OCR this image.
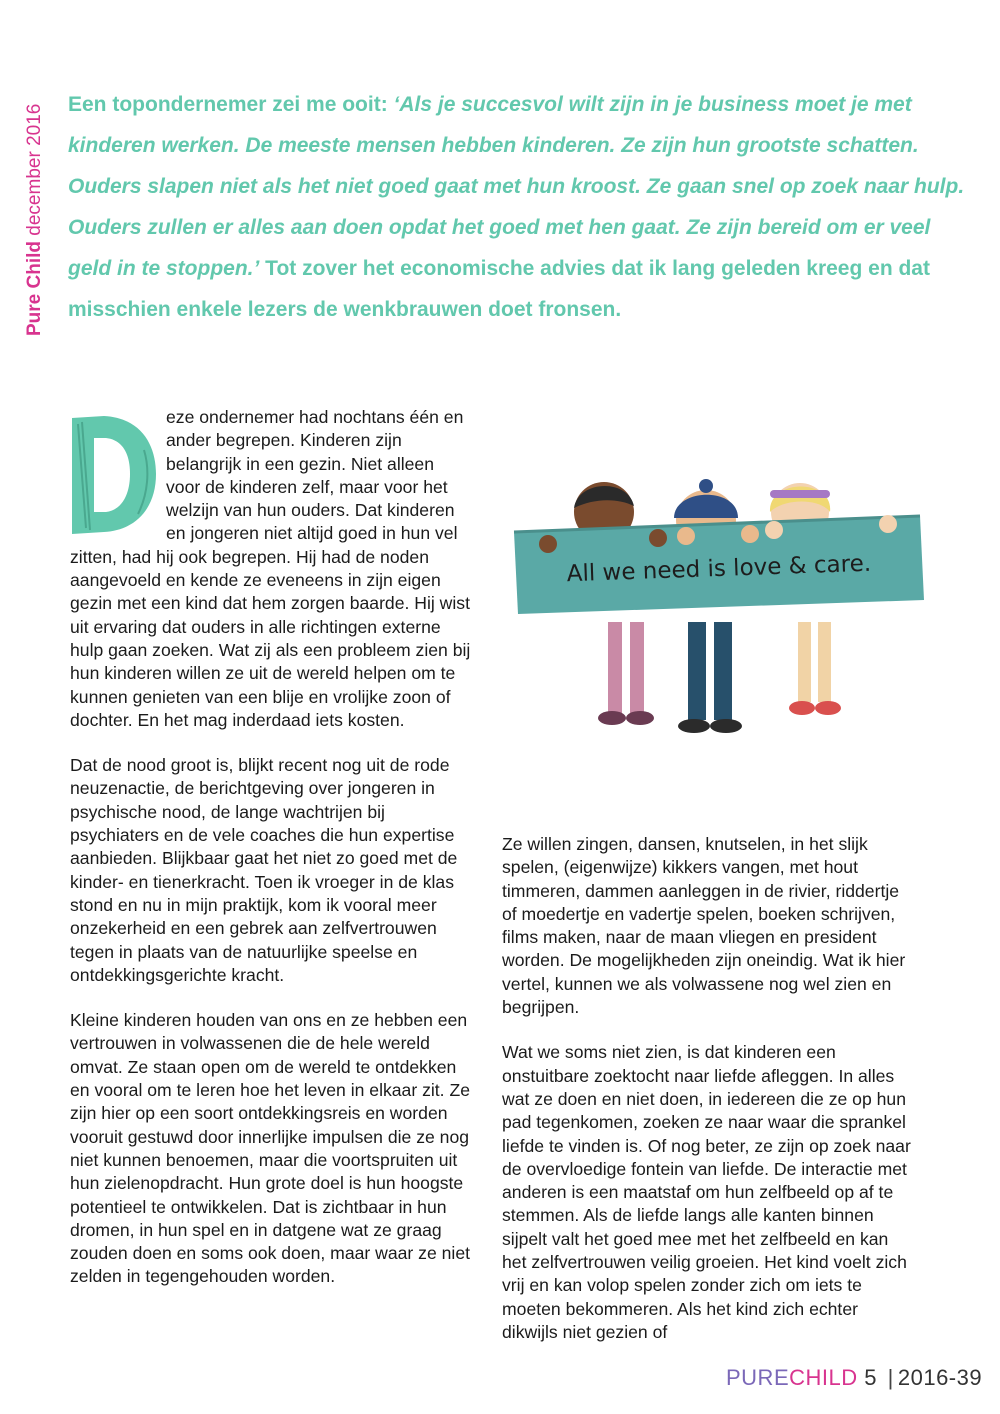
Pure Child december 2016 Een topondernemer zei me ooit: ‘Als je succesvol wilt zijn in je business moet je met kinderen werken. De meeste mensen hebben kinderen. Ze zijn hun grootste schatten. Ouders slapen niet als het niet goed gaat met hun kroost. Ze gaan snel op zoek naar hulp. Ouders zullen er alles aan doen opdat het goed met hen gaat. Ze zijn bereid om er veel geld in te stoppen.’ Tot zover het economische advies dat ik lang geleden kreeg en dat misschien enkele lezers de wenkbrauwen doet fronsen.

D
eze ondernemer had nochtans één en ander begrepen. Kinderen zijn belangrijk in een gezin. Niet alleen voor de kinderen zelf, maar voor het welzijn van hun ouders. Dat kinderen en jongeren niet altijd goed in hun vel zitten, had hij ook begrepen. Hij had de noden aangevoeld en kende ze eveneens in zijn eigen gezin met een kind dat hem zorgen baarde. Hij wist uit ervaring dat ouders in alle richtingen externe hulp gaan zoeken. Wat zij als een probleem zien bij hun kinderen willen ze uit de wereld helpen om te kunnen genieten van een blije en vrolijke zoon of dochter. En het mag inderdaad iets kosten.

Dat de nood groot is, blijkt recent nog uit de rode neuzenactie, de berichtgeving over jongeren in psychische nood, de lange wachtrijen bij psychiaters en de vele coaches die hun expertise aanbieden. Blijkbaar gaat het niet zo goed met de kinder- en tienerkracht. Toen ik vroeger in de klas stond en nu in mijn praktijk, kom ik vooral meer onzekerheid en een gebrek aan zelfvertrouwen tegen in plaats van de natuurlijke speelse en ontdekkingsgerichte kracht.

Kleine kinderen houden van ons en ze hebben een vertrouwen in volwassenen die de hele wereld omvat. Ze staan open om de wereld te ontdekken en vooral om te leren hoe het leven in elkaar zit. Ze zijn hier op een soort ontdekkingsreis en worden vooruit gestuwd door innerlijke impulsen die ze nog niet kunnen benoemen, maar die voortspruiten uit hun zielenopdracht. Hun grote doel is hun hoogste potentieel te ontwikkelen. Dat is zichtbaar in hun dromen, in hun spel en in datgene wat ze graag zouden doen en soms ook doen, maar waar ze niet zelden in tegengehouden worden.

Ze willen zingen, dansen, knutselen, in het slijk spelen, (eigenwijze) kikkers vangen, met hout timmeren, dammen aanleggen in de rivier, riddertje of moedertje en vadertje spelen, boeken schrijven, films maken, naar de maan vliegen en president worden. De mogelijkheden zijn oneindig. Wat ik hier vertel, kunnen we als volwassene nog wel zien en begrijpen.

Wat we soms niet zien, is dat kinderen een onstuitbare zoektocht naar liefde afleggen. In alles wat ze doen en niet doen, in iedereen die ze op hun pad tegenkomen, zoeken ze naar waar die sprankel liefde te vinden is. Of nog beter, ze zijn op zoek naar de overvloedige fontein van liefde. De interactie met anderen is een maatstaf om hun zelfbeeld op af te stemmen. Als de liefde langs alle kanten binnen sijpelt valt het goed mee met het zelfbeeld en kan het zelfvertrouwen veilig groeien. Het kind voelt zich vrij en kan volop spelen zonder zich om iets te moeten bekommeren. Als het kind zich echter dikwijls niet gezien of

All we need is love & care.
PURECHILD 5 | 2016-39
